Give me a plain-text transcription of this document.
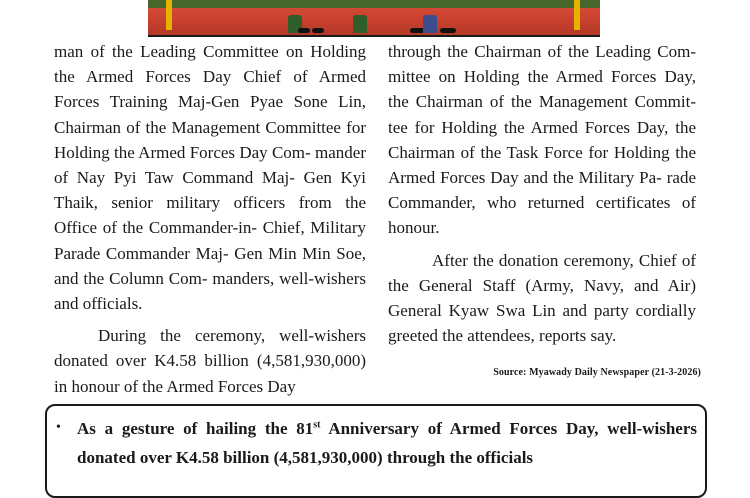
man of the Leading Committee on Holding the Armed Forces Day Chief of Armed Forces Training Maj-Gen Pyae Sone Lin, Chairman of the Management Committee for Holding the Armed Forces Day Com- mander of Nay Pyi Taw Command Maj- Gen Kyi Thaik, senior military officers from the Office of the Commander-in- Chief, Military Parade Commander Maj- Gen Min Min Soe, and the Column Com- manders, well-wishers and officials.

During the ceremony, well-wishers donated over K4.58 billion (4,581,930,000) in honour of the Armed Forces Day

through the Chairman of the Leading Com- mittee on Holding the Armed Forces Day, the Chairman of the Management Commit- tee for Holding the Armed Forces Day, the Chairman of the Task Force for Holding the Armed Forces Day and the Military Pa- rade Commander, who returned certificates of honour.

After the donation ceremony, Chief of the General Staff (Army, Navy, and Air) General Kyaw Swa Lin and party cordially greeted the attendees, reports say.

Source: Myawady Daily Newspaper (21-3-2026)
• As a gesture of hailing the 81st Anniversary of Armed Forces Day, well-wishers donated over K4.58 billion (4,581,930,000) through the officials
